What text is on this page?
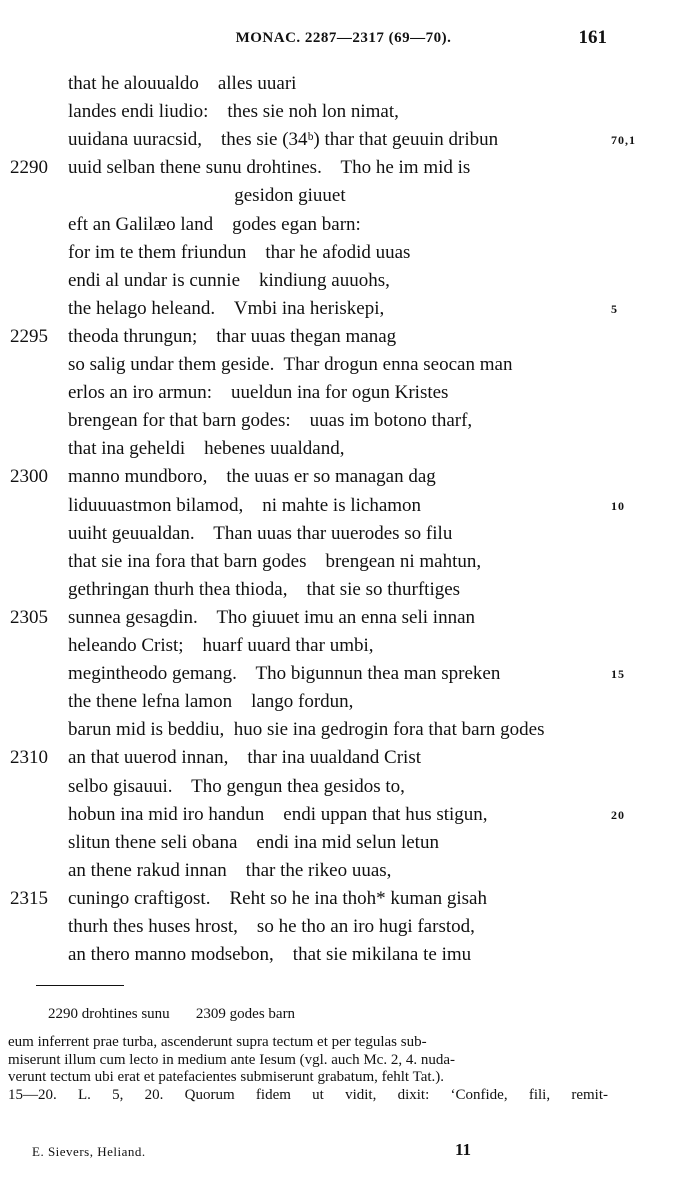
MONAC. 2287—2317 (69—70).	161
that he alouualdo    alles uuari
landes endi liudio:    thes sie noh lon nimat,
uuidana uuracsid,    thes sie (34ᵇ) thar that geuuin dribun	70,1
2290 uuid selban thene sunu drohtines.    Tho he im mid is
gesidon giuuet
eft an Galilæo land    godes egan barn:
for im te them friundun    thar he afodid uuas
endi al undar is cunnie    kindiung auuohs,
the helago heleand.    Vmbi ina heriskepi,	5
2295 theoda thrungun;    thar uuas thegan manag
so salig undar them geside.  Thar drogun enna seocan man
erlos an iro armun:    uueldun ina for ogun Kristes
brengean for that barn godes:    uuas im botono tharf,
that ina geheldi    hebenes uualdand,
2300 manno mundboro,    the uuas er so managan dag
liduuuastmon bilamod,    ni mahte is lichamon	10
uuiht geuualdan.    Than uuas thar uuerodes so filu
that sie ina fora that barn godes    brengean ni mahtun,
gethringan thurh thea thioda,    that sie so thurftiges
2305 sunnea gesagdin.    Tho giuuet imu an enna seli innan
heleando Crist;    huarf uuard thar umbi,
megintheodo gemang.    Tho bigunnun thea man spreken	15
the thene lefna lamon    lango fordun,
barun mid is beddiu,  huo sie ina gedrogin fora that barn godes
2310 an that uuerod innan,    thar ina uualdand Crist
selbo gisauui.    Tho gengun thea gesidos to,
hobun ina mid iro handun    endi uppan that hus stigun,	20
slitun thene seli obana    endi ina mid selun letun
an thene rakud innan    thar the rikeo uuas,
2315 cuningo craftigost.    Reht so he ina thoh* kuman gisah
thurh thes huses hrost,    so he tho an iro hugi farstod,
an thero manno modsebon,    that sie mikilana te imu
2290 drohtines sunu       2309 godes barn

eum inferrent prae turba, ascenderunt supra tectum et per tegulas sub-

miserunt illum cum lecto in medium ante Iesum (vgl. auch Mc. 2, 4. nuda-

verunt tectum ubi erat et patefacientes submiserunt grabatum, fehlt Tat.).

15—20. L. 5, 20. Quorum fidem ut vidit, dixit: ‘Confide, fili, remit-

E. Sievers, Heliand.	11
